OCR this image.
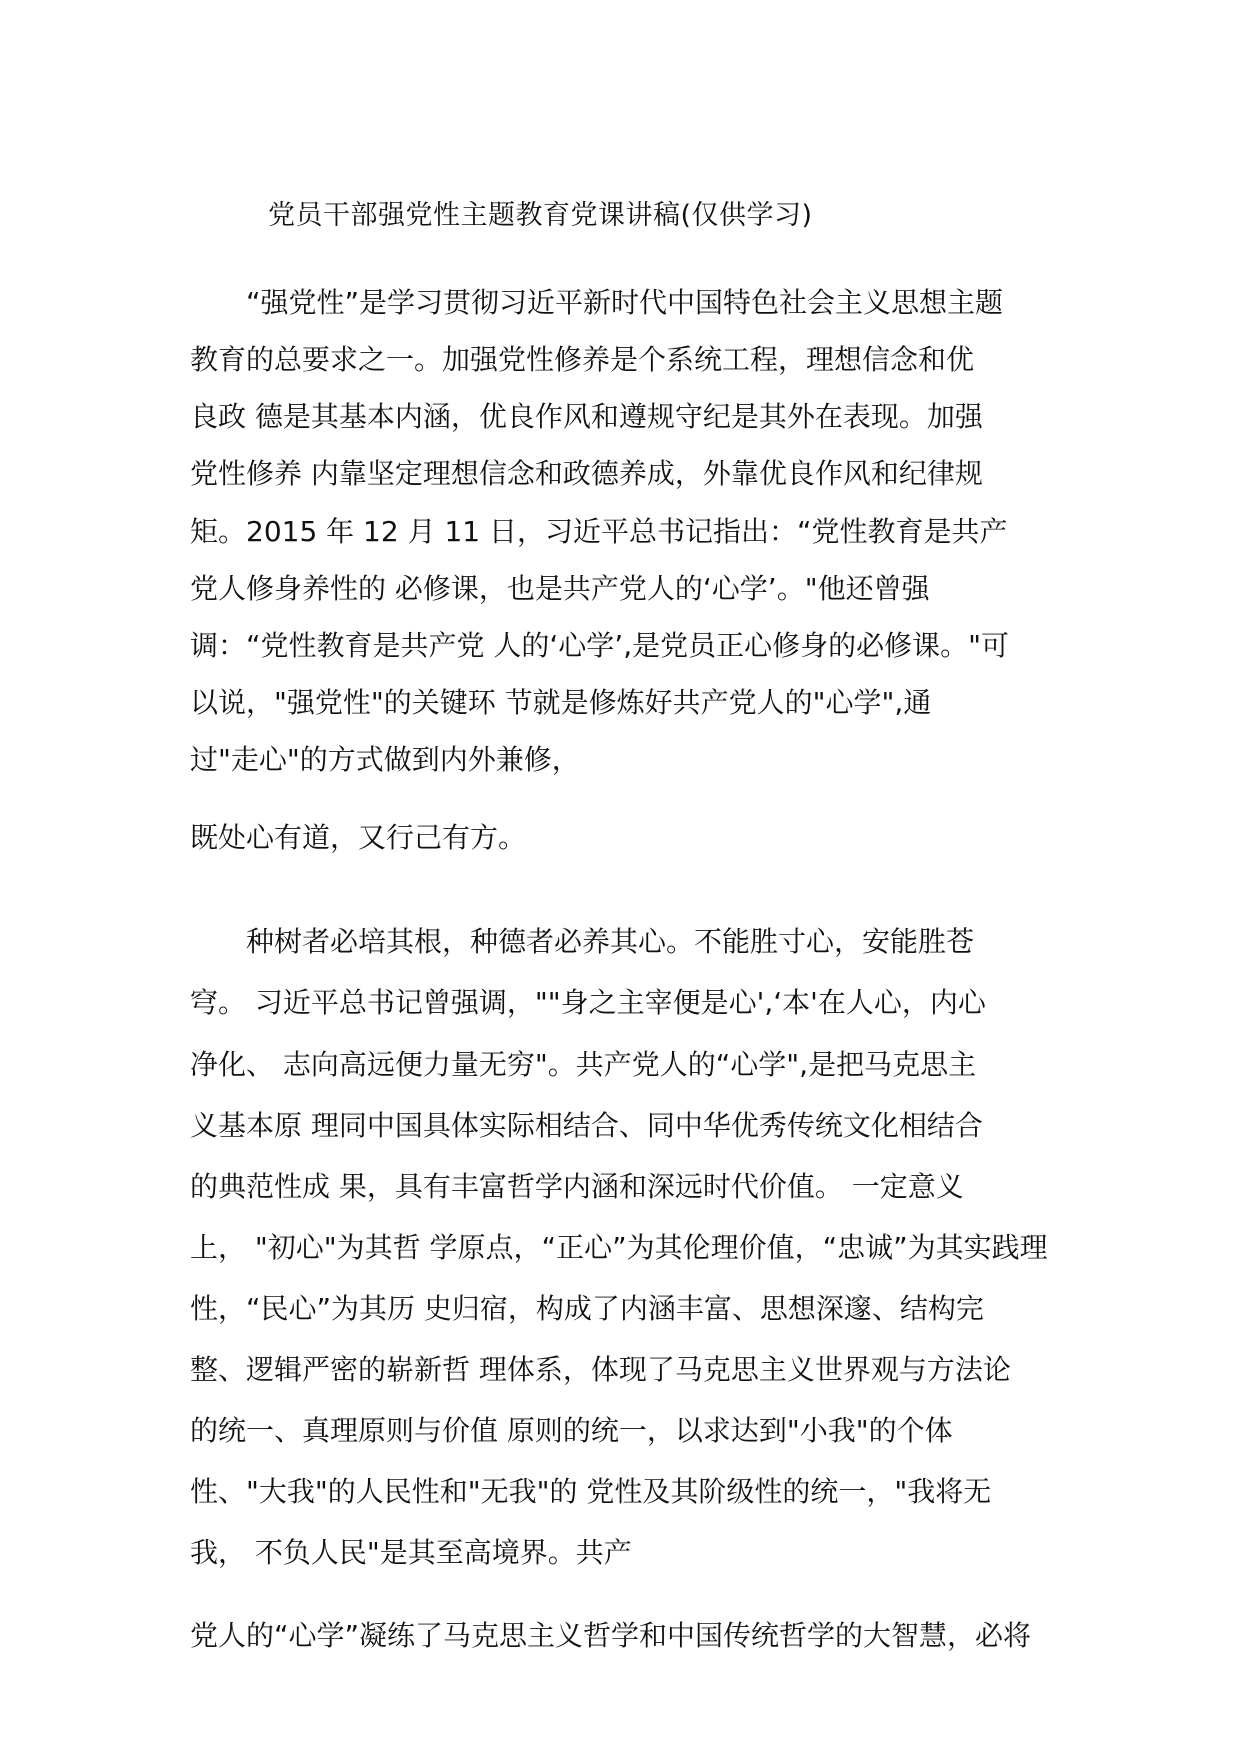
党员干部强党性主题教育党课讲稿(仅供学习)
　　“强党性”是学习贯彻习近平新时代中国特色社会主义思想主题
教育的总要求之一。加强党性修养是个系统工程，理想信念和优
良政 德是其基本内涵，优良作风和遵规守纪是其外在表现。加强
党性修养 内靠坚定理想信念和政德养成，外靠优良作风和纪律规
矩。2015 年 12 月 11 日，习近平总书记指出：“党性教育是共产
党人修身养性的 必修课，也是共产党人的‘心学’。"他还曾强
调：“党性教育是共产党 人的‘心学’,是党员正心修身的必修课。"可
以说，"强党性"的关键环 节就是修炼好共产党人的"心学",通
过"走心"的方式做到内外兼修，
既处心有道，又行己有方。
　　种树者必培其根，种德者必养其心。不能胜寸心，安能胜苍
穹。 习近平总书记曾强调，""身之主宰便是心',‘本'在人心，内心
净化、 志向高远便力量无穷"。共产党人的“心学",是把马克思主
义基本原 理同中国具体实际相结合、同中华优秀传统文化相结合
的典范性成 果，具有丰富哲学内涵和深远时代价值。 一定意义
上， "初心"为其哲 学原点，“正心”为其伦理价值，“忠诚”为其实践理
性，“民心”为其历 史归宿，构成了内涵丰富、思想深邃、结构完
整、逻辑严密的崭新哲 理体系，体现了马克思主义世界观与方法论
的统一、真理原则与价值 原则的统一，以求达到"小我"的个体
性、"大我"的人民性和"无我"的 党性及其阶级性的统一，"我将无
我， 不负人民"是其至高境界。共产
党人的“心学”凝练了马克思主义哲学和中国传统哲学的大智慧，必将
